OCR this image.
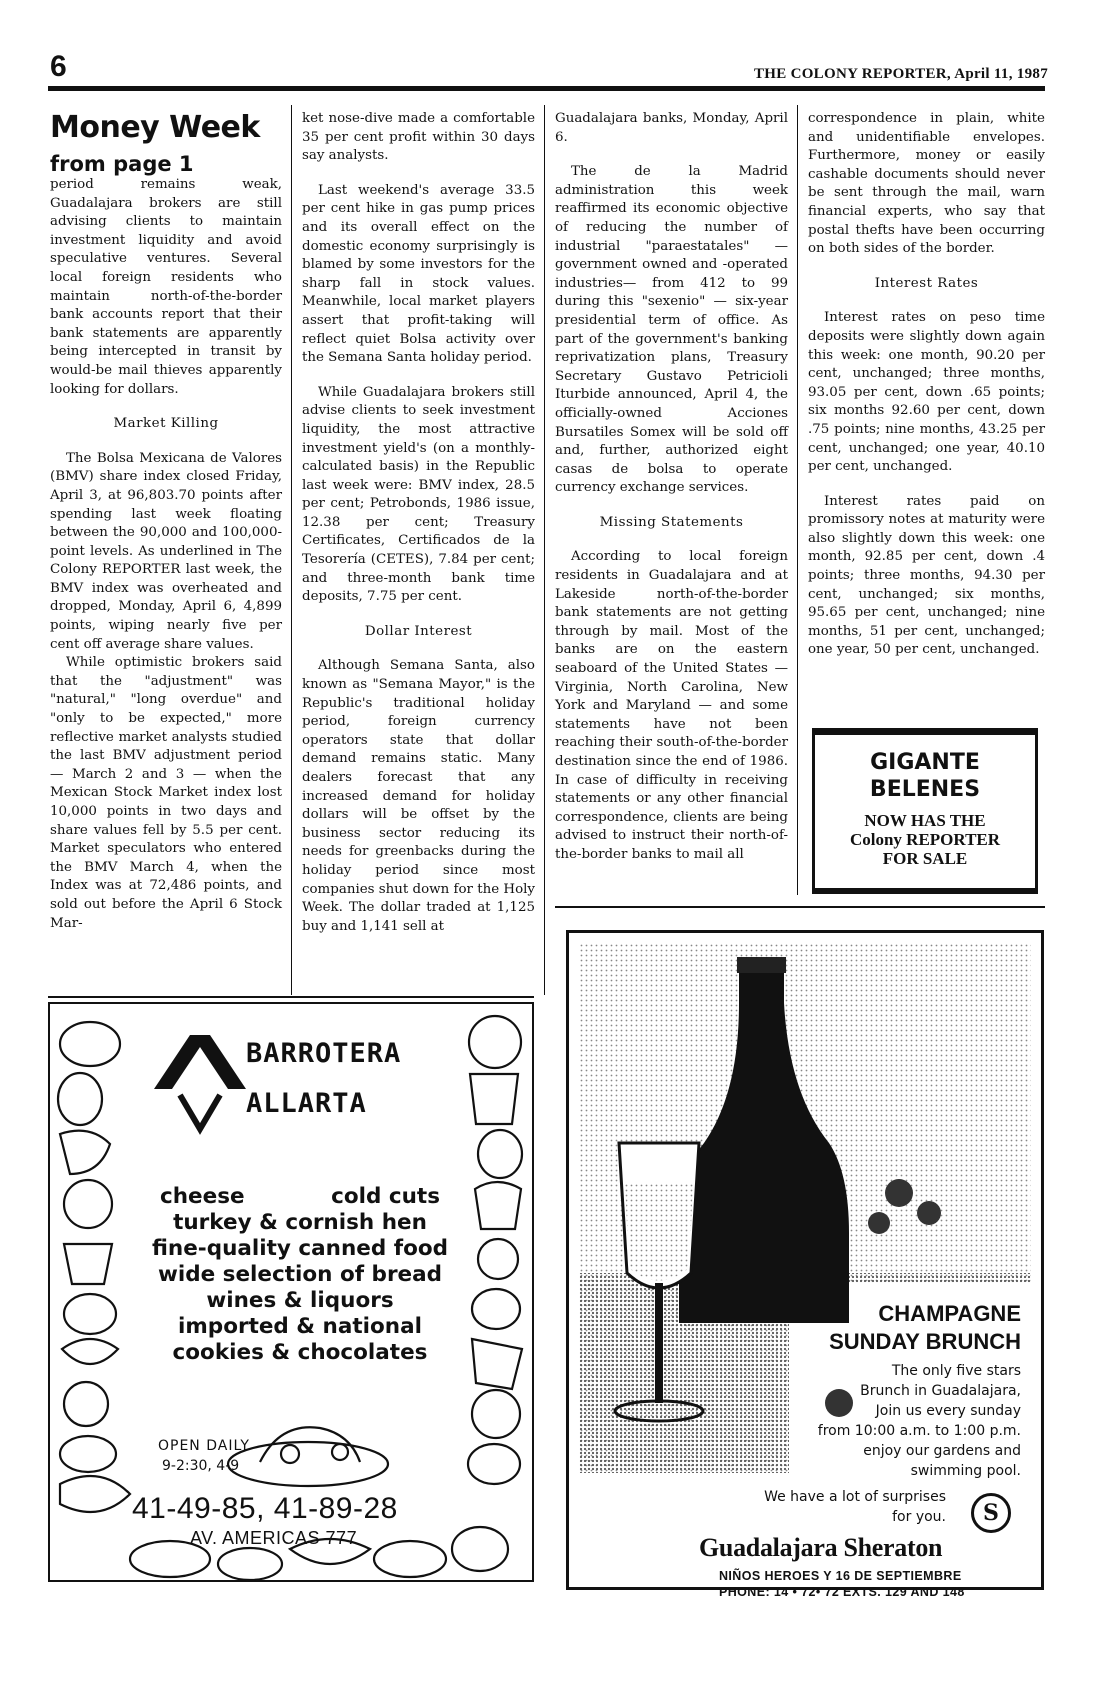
6	THE COLONY REPORTER, April 11, 1987
Money Week
from page 1

period remains weak, Guadalajara brokers are still advising clients to maintain investment liquidity and avoid speculative ventures. Several local foreign residents who maintain north-of-the-border bank accounts report that their bank statements are apparently being intercepted in transit by would-be mail thieves apparently looking for dollars.

Market Killing

The Bolsa Mexicana de Valores (BMV) share index closed Friday, April 3, at 96,803.70 points after spending last week floating between the 90,000 and 100,000-point levels. As underlined in The Colony REPORTER last week, the BMV index was overheated and dropped, Monday, April 6, 4,899 points, wiping nearly five per cent off average share values.

While optimistic brokers said that the "adjustment" was "natural," "long overdue" and "only to be expected," more reflective market analysts studied the last BMV adjustment period — March 2 and 3 — when the Mexican Stock Market index lost 10,000 points in two days and share values fell by 5.5 per cent. Market speculators who entered the BMV March 4, when the Index was at 72,486 points, and sold out before the April 6 Stock Mar-

ket nose-dive made a comfortable 35 per cent profit within 30 days say analysts.

Last weekend's average 33.5 per cent hike in gas pump prices and its overall effect on the domestic economy surprisingly is blamed by some investors for the sharp fall in stock values. Meanwhile, local market players assert that profit-taking will reflect quiet Bolsa activity over the Semana Santa holiday period.

While Guadalajara brokers still advise clients to seek investment liquidity, the most attractive investment yield's (on a monthly-calculated basis) in the Republic last week were: BMV index, 28.5 per cent; Petrobonds, 1986 issue, 12.38 per cent; Treasury Certificates, Certificados de la Tesorería (CETES), 7.84 per cent; and three-month bank time deposits, 7.75 per cent.

Dollar Interest

Although Semana Santa, also known as "Semana Mayor," is the Republic's traditional holiday period, foreign currency operators state that dollar demand remains static. Many dealers forecast that any increased demand for holiday dollars will be offset by the business sector reducing its needs for greenbacks during the holiday period since most companies shut down for the Holy Week. The dollar traded at 1,125 buy and 1,141 sell at

Guadalajara banks, Monday, April 6.

The de la Madrid administration this week reaffirmed its economic objective of reducing the number of industrial "paraestatales" — government owned and -operated industries— from 412 to 99 during this "sexenio" — six-year presidential term of office. As part of the government's banking reprivatization plans, Treasury Secretary Gustavo Petricioli Iturbide announced, April 4, the officially-owned Acciones Bursatiles Somex will be sold off and, further, authorized eight casas de bolsa to operate currency exchange services.

Missing Statements

According to local foreign residents in Guadalajara and at Lakeside north-of-the-border bank statements are not getting through by mail. Most of the banks are on the eastern seaboard of the United States — Virginia, North Carolina, New York and Maryland — and some statements have not been reaching their south-of-the-border destination since the end of 1986. In case of difficulty in receiving statements or any other financial correspondence, clients are being advised to instruct their north-of-the-border banks to mail all

correspondence in plain, white and unidentifiable envelopes. Furthermore, money or easily cashable documents should never be sent through the mail, warn financial experts, who say that postal thefts have been occurring on both sides of the border.

Interest Rates

Interest rates on peso time deposits were slightly down again this week: one month, 90.20 per cent, unchanged; three months, 93.05 per cent, down .65 points; six months 92.60 per cent, down .75 points; nine months, 43.25 per cent, unchanged; one year, 40.10 per cent, unchanged.

Interest rates paid on promissory notes at maturity were also slightly down this week: one month, 92.85 per cent, down .4 points; three months, 94.30 per cent, unchanged; six months, 95.65 per cent, unchanged; nine months, 51 per cent, unchanged; one year, 50 per cent, unchanged.

GIGANTE
BELENES
NOW HAS THE
Colony REPORTER
FOR SALE
BARROTERA
ALLARTA
cheese	cold cuts
turkey & cornish hen
fine-quality canned food
wide selection of bread
wines & liquors
imported & national
cookies & chocolates
OPEN DAILY
9-2:30, 4-9
41-49-85, 41-89-28
AV. AMERICAS 777
CHAMPAGNE
SUNDAY BRUNCH
The only five stars
Brunch in Guadalajara,
Join us every sunday
from 10:00 a.m. to 1:00 p.m.
enjoy our gardens and
swimming pool.
We have a lot of surprises
for you.	S
Guadalajara Sheraton
NIÑOS HEROES Y 16 DE SEPTIEMBRE
PHONE: 14 • 72• 72 EXTS. 129 AND 148
